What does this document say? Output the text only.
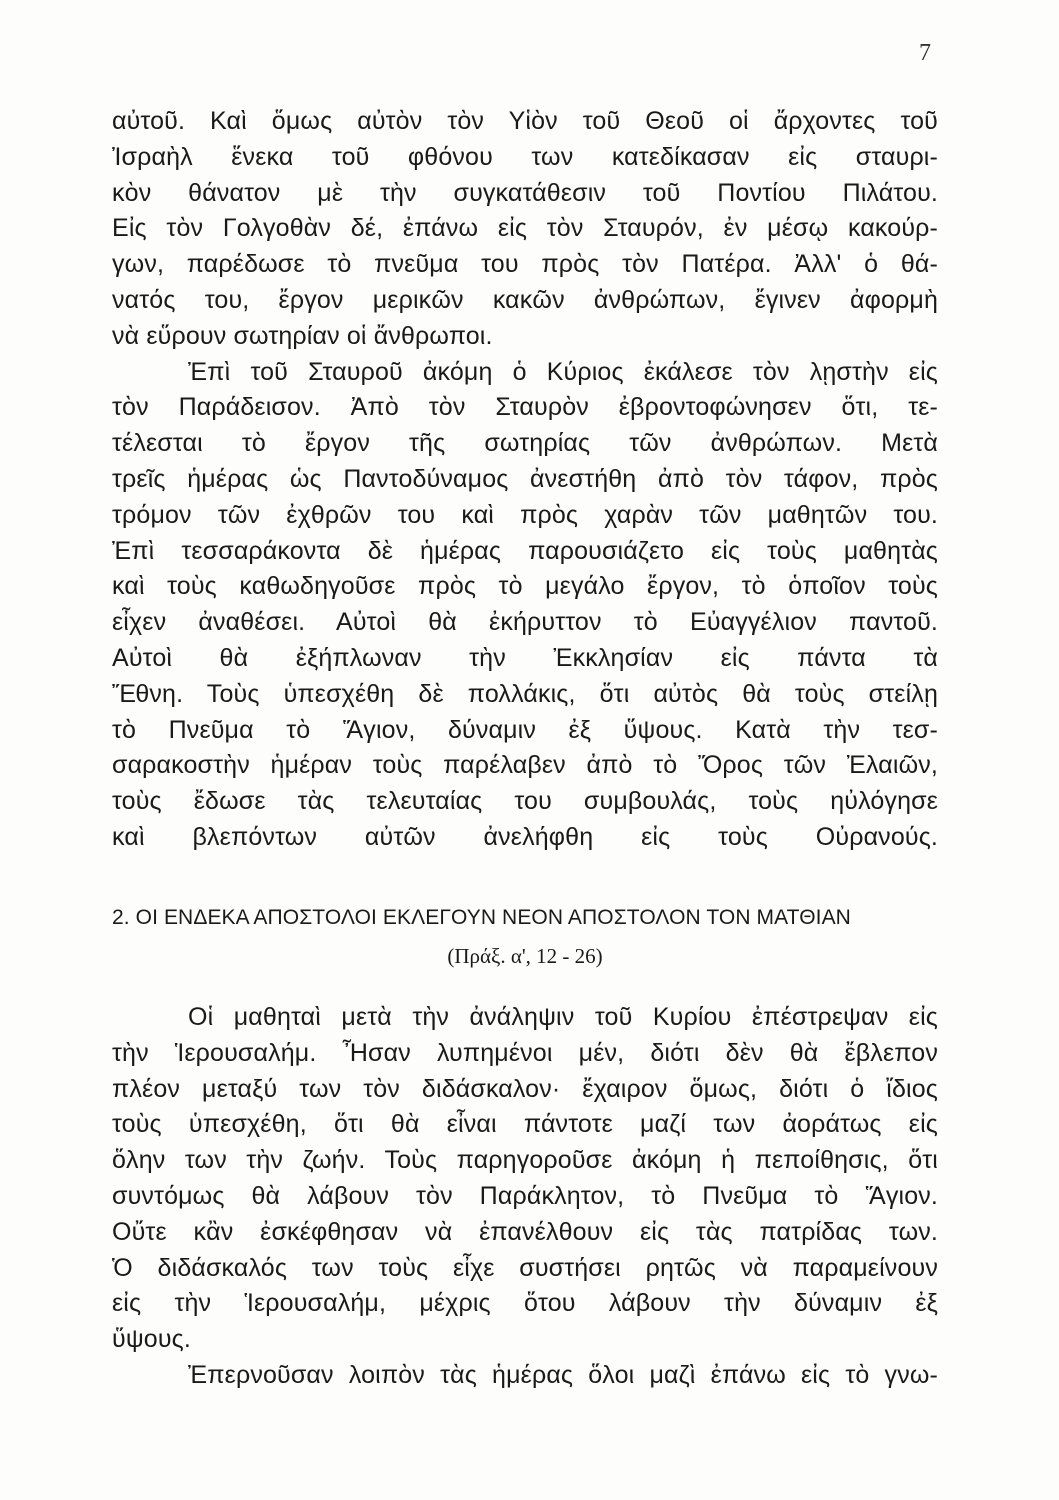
7
αὐτοῦ. Καὶ ὅμως αὐτὸν τὸν Υἱὸν τοῦ Θεοῦ οἱ ἄρχοντες τοῦ
Ἰσραὴλ ἕνεκα τοῦ φθόνου των κατεδίκασαν εἰς σταυρι-
κὸν θάνατον μὲ τὴν συγκατάθεσιν τοῦ Ποντίου Πιλάτου.
Εἰς τὸν Γολγοθὰν δέ, ἐπάνω εἰς τὸν Σταυρόν, ἐν μέσῳ κακούρ-
γων, παρέδωσε τὸ πνεῦμα του πρὸς τὸν Πατέρα. Ἀλλ' ὁ θά-
νατός του, ἔργον μερικῶν κακῶν ἀνθρώπων, ἔγινεν ἀφορμὴ
νὰ εὕρουν σωτηρίαν οἱ ἄνθρωποι.
Ἐπὶ τοῦ Σταυροῦ ἀκόμη ὁ Κύριος ἐκάλεσε τὸν λῃστὴν εἰς
τὸν Παράδεισον. Ἀπὸ τὸν Σταυρὸν ἐβροντοφώνησεν ὅτι, τε-
τέλεσται τὸ ἔργον τῆς σωτηρίας τῶν ἀνθρώπων. Μετὰ
τρεῖς ἡμέρας ὡς Παντοδύναμος ἀνεστήθη ἀπὸ τὸν τάφον, πρὸς
τρόμον τῶν ἐχθρῶν του καὶ πρὸς χαρὰν τῶν μαθητῶν του.
Ἐπὶ τεσσαράκοντα δὲ ἡμέρας παρουσιάζετο εἰς τοὺς μαθητὰς
καὶ τοὺς καθωδηγοῦσε πρὸς τὸ μεγάλο ἔργον, τὸ ὁποῖον τοὺς
εἶχεν ἀναθέσει. Αὐτοὶ θὰ ἐκήρυττον τὸ Εὐαγγέλιον παντοῦ.
Αὐτοὶ θὰ ἐξήπλωναν τὴν Ἐκκλησίαν εἰς πάντα τὰ
Ἔθνη. Τοὺς ὑπεσχέθη δὲ πολλάκις, ὅτι αὐτὸς θὰ τοὺς στείλῃ
τὸ Πνεῦμα τὸ Ἅγιον, δύναμιν ἐξ ὕψους. Κατὰ τὴν τεσ-
σαρακοστὴν ἡμέραν τοὺς παρέλαβεν ἀπὸ τὸ Ὄρος τῶν Ἐλαιῶν,
τοὺς ἔδωσε τὰς τελευταίας του συμβουλάς, τοὺς ηὐλόγησε
καὶ βλεπόντων αὐτῶν ἀνελήφθη εἰς τοὺς Οὐρανούς.
2. ΟΙ ΕΝΔΕΚΑ ΑΠΟΣΤΟΛΟΙ ΕΚΛΕΓΟΥΝ ΝΕΟΝ ΑΠΟΣΤΟΛΟΝ ΤΟΝ ΜΑΤΘΙΑΝ
(Πράξ. α', 12 - 26)
Οἱ μαθηταὶ μετὰ τὴν ἀνάληψιν τοῦ Κυρίου ἐπέστρεψαν εἰς
τὴν Ἱερουσαλήμ. Ἦσαν λυπημένοι μέν, διότι δὲν θὰ ἔβλεπον
πλέον μεταξύ των τὸν διδάσκαλον· ἔχαιρον ὅμως, διότι ὁ ἴδιος
τοὺς ὑπεσχέθη, ὅτι θὰ εἶναι πάντοτε μαζί των ἀοράτως εἰς
ὅλην των τὴν ζωήν. Τοὺς παρηγοροῦσε ἀκόμη ἡ πεποίθησις, ὅτι
συντόμως θὰ λάβουν τὸν Παράκλητον, τὸ Πνεῦμα τὸ Ἅγιον.
Οὔτε κἂν ἐσκέφθησαν νὰ ἐπανέλθουν εἰς τὰς πατρίδας των.
Ὁ διδάσκαλός των τοὺς εἶχε συστήσει ρητῶς νὰ παραμείνουν
εἰς τὴν Ἱερουσαλήμ, μέχρις ὅτου λάβουν τὴν δύναμιν ἐξ
ὕψους.
Ἐπερνοῦσαν λοιπὸν τὰς ἡμέρας ὅλοι μαζὶ ἐπάνω εἰς τὸ γνω-
